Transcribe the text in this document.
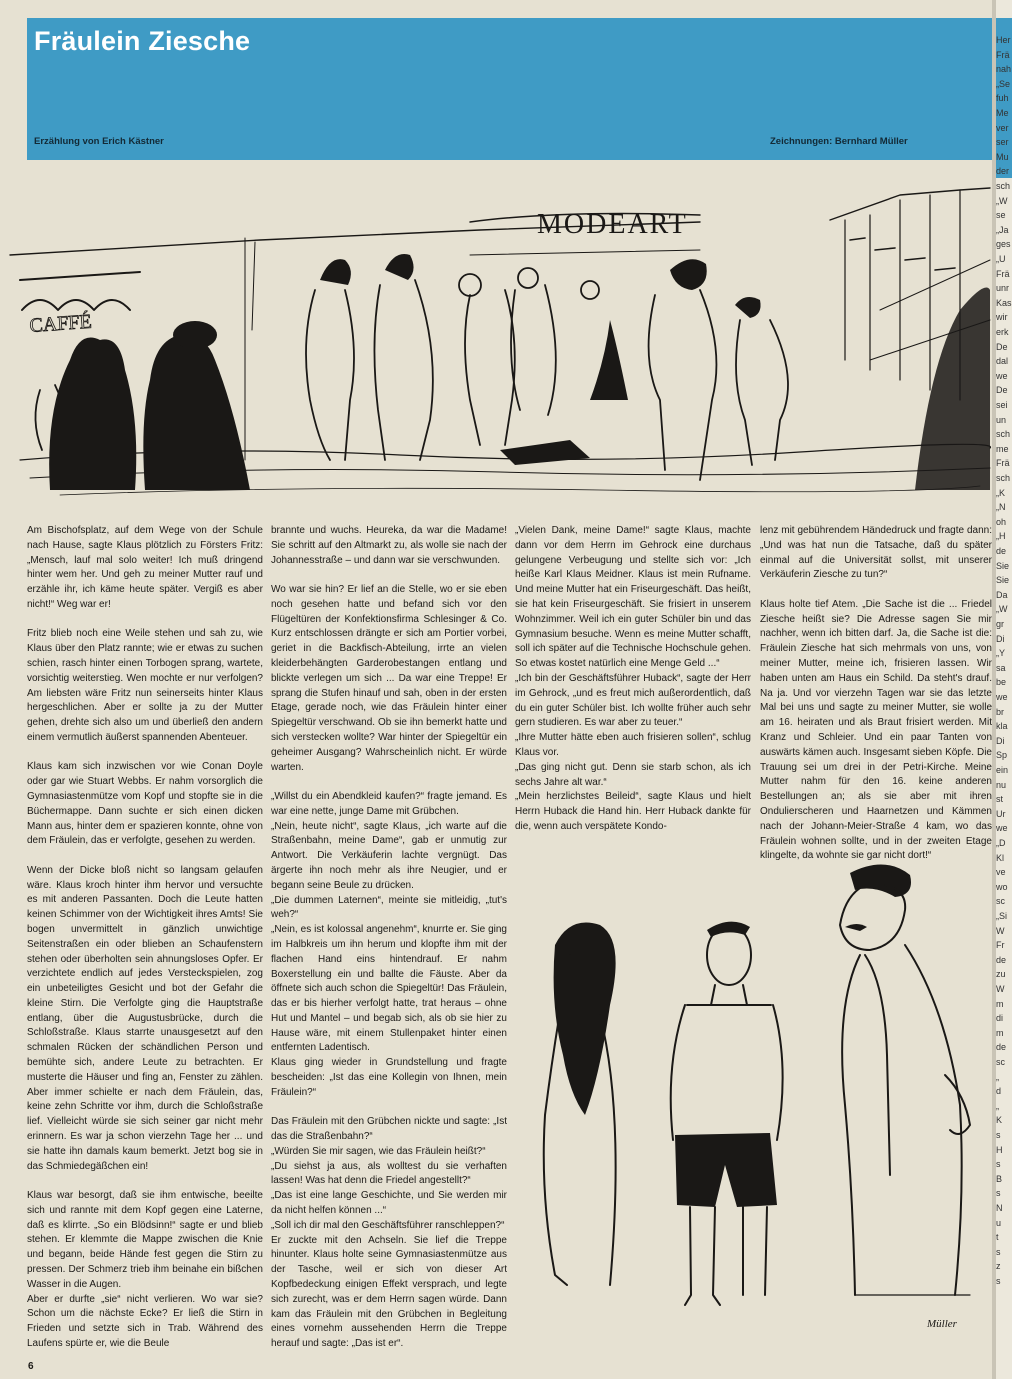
Fräulein Ziesche
Erzählung von Erich Kästner	Zeichnungen: Bernhard Müller
MODEART
CAFFÉ
Müller

Am Bischofsplatz, auf dem Wege von der Schule nach Hause, sagte Klaus plötzlich zu Försters Fritz: „Mensch, lauf mal solo weiter! Ich muß dringend hinter wem her. Und geh zu meiner Mutter rauf und erzähle ihr, ich käme heute später. Vergiß es aber nicht!“ Weg war er!

Fritz blieb noch eine Weile stehen und sah zu, wie Klaus über den Platz rannte; wie er etwas zu suchen schien, rasch hinter einen Torbogen sprang, wartete, vorsichtig weiterstieg. Wen mochte er nur verfolgen? Am liebsten wäre Fritz nun seinerseits hinter Klaus hergeschlichen. Aber er sollte ja zu der Mutter gehen, drehte sich also um und überließ den andern einem vermutlich äußerst spannenden Abenteuer.

Klaus kam sich inzwischen vor wie Conan Doyle oder gar wie Stuart Webbs. Er nahm vorsorglich die Gymnasiastenmütze vom Kopf und stopfte sie in die Büchermappe. Dann suchte er sich einen dicken Mann aus, hinter dem er spazieren konnte, ohne von dem Fräulein, das er verfolgte, gesehen zu werden.

Wenn der Dicke bloß nicht so langsam gelaufen wäre. Klaus kroch hinter ihm hervor und versuchte es mit anderen Passanten. Doch die Leute hatten keinen Schimmer von der Wichtigkeit ihres Amts! Sie bogen unvermittelt in gänzlich unwichtige Seitenstraßen ein oder blieben an Schaufenstern stehen oder überholten sein ahnungsloses Opfer. Er verzichtete endlich auf jedes Versteckspielen, zog ein unbeteiligtes Gesicht und bot der Gefahr die kleine Stirn. Die Verfolgte ging die Hauptstraße entlang, über die Augustusbrücke, durch die Schloßstraße. Klaus starrte unausgesetzt auf den schmalen Rücken der schändlichen Person und bemühte sich, andere Leute zu betrachten. Er musterte die Häuser und fing an, Fenster zu zählen. Aber immer schielte er nach dem Fräulein, das, keine zehn Schritte vor ihm, durch die Schloßstraße lief. Vielleicht würde sie sich seiner gar nicht mehr erinnern. Es war ja schon vierzehn Tage her ... und sie hatte ihn damals kaum bemerkt. Jetzt bog sie in das Schmiedegäßchen ein!

Klaus war besorgt, daß sie ihm entwische, beeilte sich und rannte mit dem Kopf gegen eine Laterne, daß es klirrte. „So ein Blödsinn!“ sagte er und blieb stehen. Er klemmte die Mappe zwischen die Knie und begann, beide Hände fest gegen die Stirn zu pressen. Der Schmerz trieb ihm beinahe ein bißchen Wasser in die Augen.

Aber er durfte „sie“ nicht verlieren. Wo war sie? Schon um die nächste Ecke? Er ließ die Stirn in Frieden und setzte sich in Trab. Während des Laufens spürte er, wie die Beule

brannte und wuchs. Heureka, da war die Madame! Sie schritt auf den Altmarkt zu, als wolle sie nach der Johannesstraße – und dann war sie verschwunden.

Wo war sie hin? Er lief an die Stelle, wo er sie eben noch gesehen hatte und befand sich vor den Flügeltüren der Konfektionsfirma Schlesinger & Co. Kurz entschlossen drängte er sich am Portier vorbei, geriet in die Backfisch-Abteilung, irrte an vielen kleiderbehängten Garderobestangen entlang und blickte verlegen um sich ... Da war eine Treppe! Er sprang die Stufen hinauf und sah, oben in der ersten Etage, gerade noch, wie das Fräulein hinter einer Spiegeltür verschwand. Ob sie ihn bemerkt hatte und sich verstecken wollte? War hinter der Spiegeltür ein geheimer Ausgang? Wahrscheinlich nicht. Er würde warten.

„Willst du ein Abendkleid kaufen?“ fragte jemand. Es war eine nette, junge Dame mit Grübchen.

„Nein, heute nicht“, sagte Klaus, „ich warte auf die Straßenbahn, meine Dame“, gab er unmutig zur Antwort. Die Verkäuferin lachte vergnügt. Das ärgerte ihn noch mehr als ihre Neugier, und er begann seine Beule zu drücken.

„Die dummen Laternen“, meinte sie mitleidig, „tut's weh?“

„Nein, es ist kolossal angenehm“, knurrte er. Sie ging im Halbkreis um ihn herum und klopfte ihm mit der flachen Hand eins hintendrauf. Er nahm Boxerstellung ein und ballte die Fäuste. Aber da öffnete sich auch schon die Spiegeltür! Das Fräulein, das er bis hierher verfolgt hatte, trat heraus – ohne Hut und Mantel – und begab sich, als ob sie hier zu Hause wäre, mit einem Stullenpaket hinter einen entfernten Ladentisch.

Klaus ging wieder in Grundstellung und fragte bescheiden: „Ist das eine Kollegin von Ihnen, mein Fräulein?“

Das Fräulein mit den Grübchen nickte und sagte: „Ist das die Straßenbahn?“

„Würden Sie mir sagen, wie das Fräulein heißt?“

„Du siehst ja aus, als wolltest du sie verhaften lassen! Was hat denn die Friedel angestellt?“

„Das ist eine lange Geschichte, und Sie werden mir da nicht helfen können ...“

„Soll ich dir mal den Geschäftsführer ranschleppen?“

Er zuckte mit den Achseln. Sie lief die Treppe hinunter. Klaus holte seine Gymnasiastenmütze aus der Tasche, weil er sich von dieser Art Kopfbedeckung einigen Effekt versprach, und legte sich zurecht, was er dem Herrn sagen würde. Dann kam das Fräulein mit den Grübchen in Begleitung eines vornehm aussehenden Herrn die Treppe herauf und sagte: „Das ist er“.

„Vielen Dank, meine Dame!“ sagte Klaus, machte dann vor dem Herrn im Gehrock eine durchaus gelungene Verbeugung und stellte sich vor: „Ich heiße Karl Klaus Meidner. Klaus ist mein Rufname. Und meine Mutter hat ein Friseurgeschäft. Das heißt, sie hat kein Friseurgeschäft. Sie frisiert in unserem Wohnzimmer. Weil ich ein guter Schüler bin und das Gymnasium besuche. Wenn es meine Mutter schafft, soll ich später auf die Technische Hochschule gehen. So etwas kostet natürlich eine Menge Geld ...“

„Ich bin der Geschäftsführer Huback“, sagte der Herr im Gehrock, „und es freut mich außerordentlich, daß du ein guter Schüler bist. Ich wollte früher auch sehr gern studieren. Es war aber zu teuer.“

„Ihre Mutter hätte eben auch frisieren sollen“, schlug Klaus vor.

„Das ging nicht gut. Denn sie starb schon, als ich sechs Jahre alt war.“

„Mein herzlichstes Beileid“, sagte Klaus und hielt Herrn Huback die Hand hin. Herr Huback dankte für die, wenn auch verspätete Kondo-

lenz mit gebührendem Händedruck und fragte dann: „Und was hat nun die Tatsache, daß du später einmal auf die Universität sollst, mit unserer Verkäuferin Ziesche zu tun?“

Klaus holte tief Atem. „Die Sache ist die ... Friedel Ziesche heißt sie? Die Adresse sagen Sie mir nachher, wenn ich bitten darf. Ja, die Sache ist die: Fräulein Ziesche hat sich mehrmals von uns, von meiner Mutter, meine ich, frisieren lassen. Wir haben unten am Haus ein Schild. Da steht's drauf. Na ja. Und vor vierzehn Tagen war sie das letzte Mal bei uns und sagte zu meiner Mutter, sie wolle am 16. heiraten und als Braut frisiert werden. Mit Kranz und Schleier. Und ein paar Tanten von auswärts kämen auch. Insgesamt sieben Köpfe. Die Trauung sei um drei in der Petri-Kirche. Meine Mutter nahm für den 16. keine anderen Bestellungen an; als sie aber mit ihren Ondulierscheren und Haarnetzen und Kämmen nach der Johann-Meier-Straße 4 kam, wo das Fräulein wohnen sollte, und in der zweiten Etage klingelte, da wohnte sie gar nicht dort!“

6
Her
Frä
nah
„Se
fuh
Me
ver
ser
Mu
der
sch
„W
se
„Ja
ges
„U
Frä
unr
Kas
wir
erk
De
dal
we
De
sei
un
sch
me
Frä
sch
„K
„N
oh
„H
de
Sie
Sie
Da
„W
gr
Di
„Y
sa
be
we
br
kla
Di
Sp
ein
nu
st
Ur
we
„D
Kl
ve
wo
sc
„Si
W
Fr
de
zu
W
m
di
m
de
sc
„
d
„
K
s
H
s
B
s
N
u
t
s
z
s
